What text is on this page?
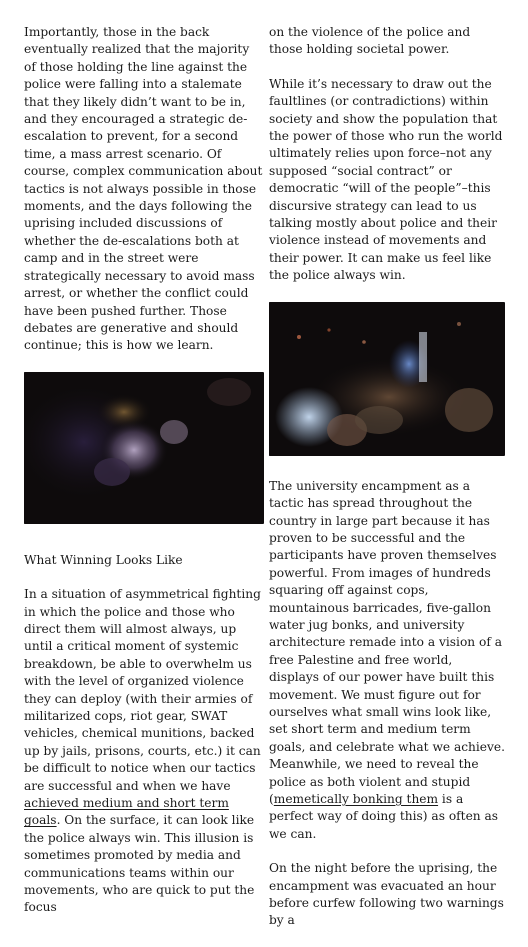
Importantly, those in the back eventually realized that the majority of those holding the line against the police were falling into a stalemate that they likely didn’t want to be in, and they encouraged a strategic de-escalation to prevent, for a second time, a mass arrest scenario. Of course, complex communication about tactics is not always possible in those moments, and the days following the uprising included discussions of whether the de-escalations both at camp and in the street were strategically necessary to avoid mass arrest, or whether the conflict could have been pushed further. Those debates are generative and should continue; this is how we learn.

What Winning Looks Like

In a situation of asymmetrical fighting in which the police and those who direct them will almost always, up until a critical moment of systemic breakdown, be able to overwhelm us with the level of organized violence they can deploy (with their armies of militarized cops, riot gear, SWAT vehicles, chemical munitions, backed up by jails, prisons, courts, etc.) it can be difficult to notice when our tactics are successful and when we have achieved medium and short term goals. On the surface, it can look like the police always win. This illusion is sometimes promoted by media and communications teams within our movements, who are quick to put the focus

on the violence of the police and those holding societal power.

While it’s necessary to draw out the faultlines (or contradictions) within society and show the population that the power of those who run the world ultimately relies upon force–not any supposed “social contract” or democratic “will of the people”–this discursive strategy can lead to us talking mostly about police and their violence instead of movements and their power. It can make us feel like the police always win.

The university encampment as a tactic has spread throughout the country in large part because it has proven to be successful and the participants have proven themselves powerful. From images of hundreds squaring off against cops, mountainous barricades, five-gallon water jug bonks, and university architecture remade into a vision of a free Palestine and free world, displays of our power have built this movement. We must figure out for ourselves what small wins look like, set short term and medium term goals, and celebrate what we achieve. Meanwhile, we need to reveal the police as both violent and stupid (memetically bonking them is a perfect way of doing this) as often as we can.

On the night before the uprising, the encampment was evacuated an hour before curfew following two warnings by a
